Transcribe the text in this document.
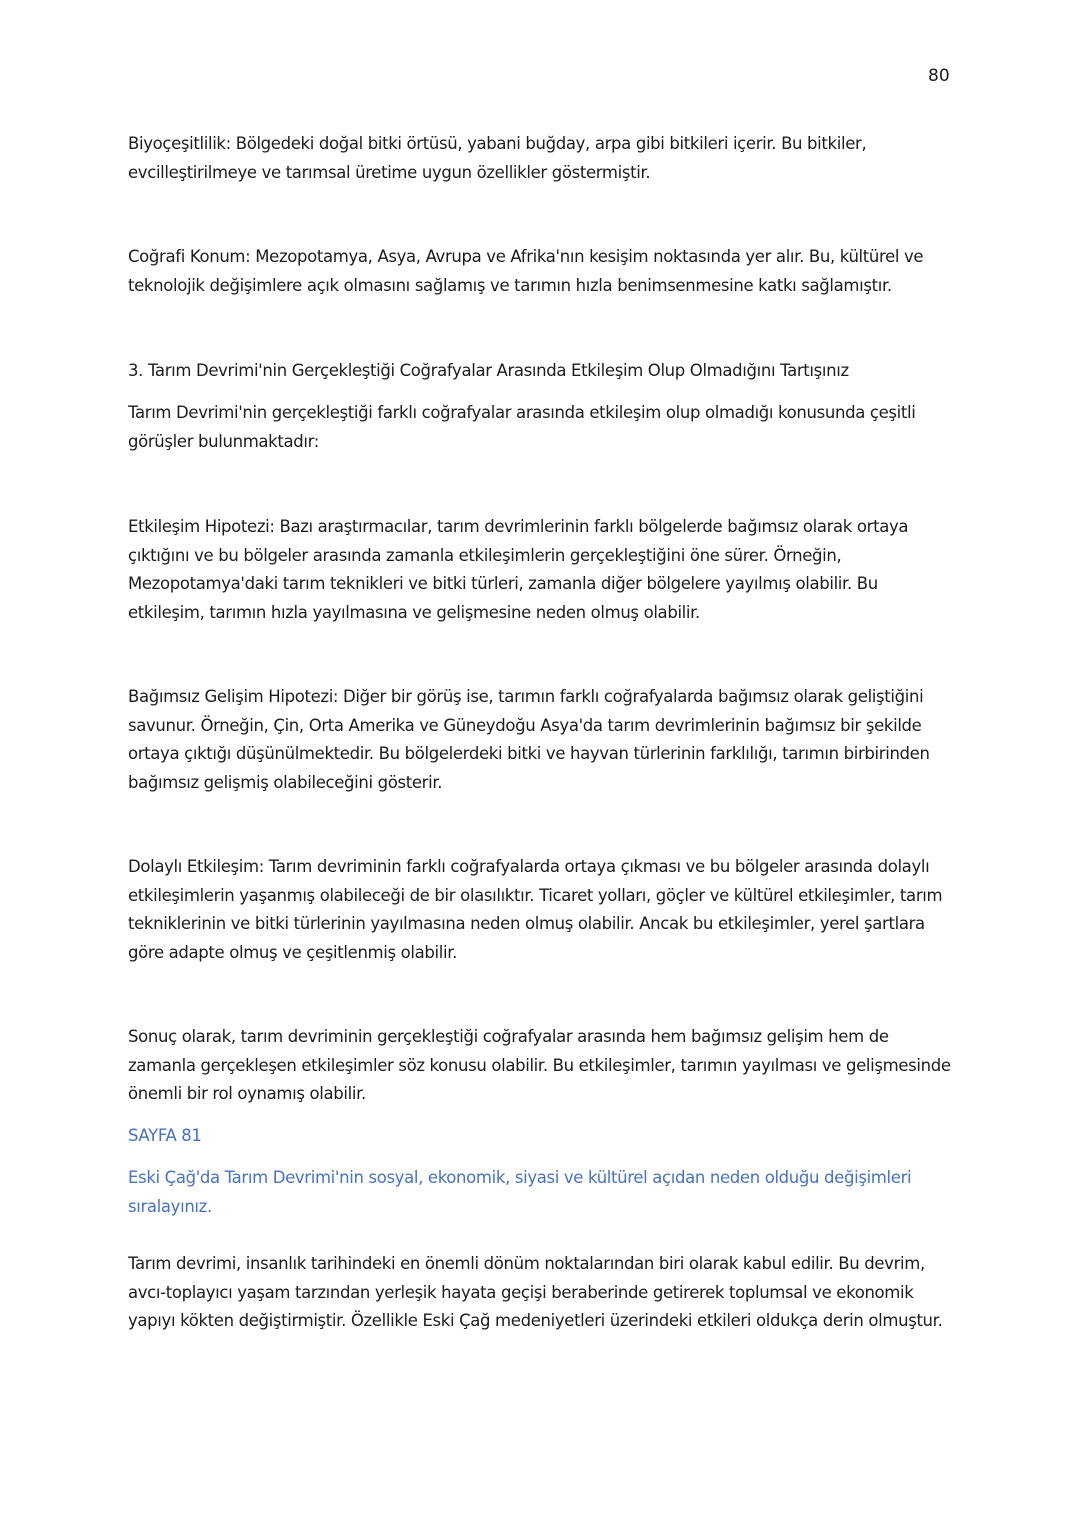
80

Biyoçeşitlilik: Bölgedeki doğal bitki örtüsü, yabani buğday, arpa gibi bitkileri içerir. Bu bitkiler, evcilleştirilmeye ve tarımsal üretime uygun özellikler göstermiştir.

Coğrafi Konum: Mezopotamya, Asya, Avrupa ve Afrika'nın kesişim noktasında yer alır. Bu, kültürel ve teknolojik değişimlere açık olmasını sağlamış ve tarımın hızla benimsenmesine katkı sağlamıştır.

3. Tarım Devrimi'nin Gerçekleştiği Coğrafyalar Arasında Etkileşim Olup Olmadığını Tartışınız

Tarım Devrimi'nin gerçekleştiği farklı coğrafyalar arasında etkileşim olup olmadığı konusunda çeşitli görüşler bulunmaktadır:

Etkileşim Hipotezi: Bazı araştırmacılar, tarım devrimlerinin farklı bölgelerde bağımsız olarak ortaya çıktığını ve bu bölgeler arasında zamanla etkileşimlerin gerçekleştiğini öne sürer. Örneğin, Mezopotamya'daki tarım teknikleri ve bitki türleri, zamanla diğer bölgelere yayılmış olabilir. Bu etkileşim, tarımın hızla yayılmasına ve gelişmesine neden olmuş olabilir.

Bağımsız Gelişim Hipotezi: Diğer bir görüş ise, tarımın farklı coğrafyalarda bağımsız olarak geliştiğini savunur. Örneğin, Çin, Orta Amerika ve Güneydoğu Asya'da tarım devrimlerinin bağımsız bir şekilde ortaya çıktığı düşünülmektedir. Bu bölgelerdeki bitki ve hayvan türlerinin farklılığı, tarımın birbirinden bağımsız gelişmiş olabileceğini gösterir.

Dolaylı Etkileşim: Tarım devriminin farklı coğrafyalarda ortaya çıkması ve bu bölgeler arasında dolaylı etkileşimlerin yaşanmış olabileceği de bir olasılıktır. Ticaret yolları, göçler ve kültürel etkileşimler, tarım tekniklerinin ve bitki türlerinin yayılmasına neden olmuş olabilir. Ancak bu etkileşimler, yerel şartlara göre adapte olmuş ve çeşitlenmiş olabilir.

Sonuç olarak, tarım devriminin gerçekleştiği coğrafyalar arasında hem bağımsız gelişim hem de zamanla gerçekleşen etkileşimler söz konusu olabilir. Bu etkileşimler, tarımın yayılması ve gelişmesinde önemli bir rol oynamış olabilir.

SAYFA 81

Eski Çağ'da Tarım Devrimi'nin sosyal, ekonomik, siyasi ve kültürel açıdan neden olduğu değişimleri sıralayınız.

Tarım devrimi, insanlık tarihindeki en önemli dönüm noktalarından biri olarak kabul edilir. Bu devrim, avcı-toplayıcı yaşam tarzından yerleşik hayata geçişi beraberinde getirerek toplumsal ve ekonomik yapıyı kökten değiştirmiştir. Özellikle Eski Çağ medeniyetleri üzerindeki etkileri oldukça derin olmuştur.
